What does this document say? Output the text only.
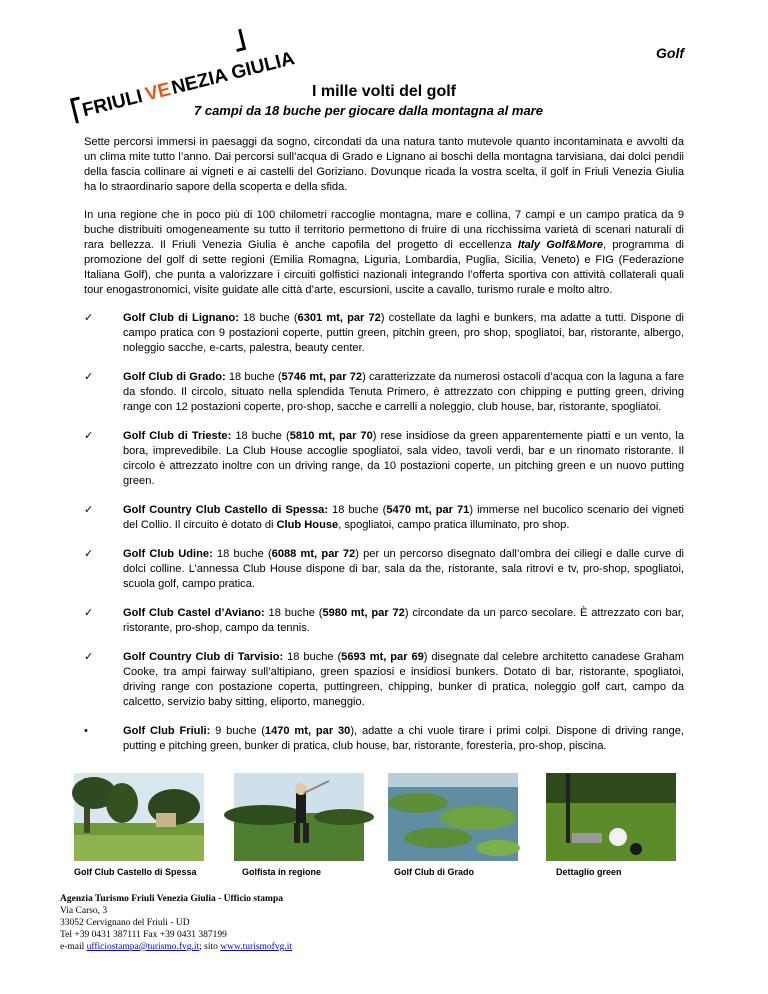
Golf
FRIULI
VE
NEZIA GIULIA I mille volti del golf
7 campi da 18 buche per giocare dalla montagna al mare

Sette percorsi immersi in paesaggi da sogno, circondati da una natura tanto mutevole quanto incontaminata e avvolti da un clima mite tutto l’anno. Dai percorsi sull’acqua di Grado e Lignano ai boschi della montagna tarvisiana, dai dolci pendii della fascia collinare ai vigneti e ai castelli del Goriziano. Dovunque ricada la vostra scelta, il golf in Friuli Venezia Giulia ha lo straordinario sapore della scoperta e della sfida.

In una regione che in poco più di 100 chilometri raccoglie montagna, mare e collina, 7 campi e un campo pratica da 9 buche distribuiti omogeneamente su tutto il territorio permettono di fruire di una ricchissima varietà di scenari naturali di rara bellezza. Il Friuli Venezia Giulia è anche capofila del progetto di eccellenza Italy Golf&More, programma di promozione del golf di sette regioni (Emilia Romagna, Liguria, Lombardia, Puglia, Sicilia, Veneto) e FIG (Federazione Italiana Golf), che punta a valorizzare i circuiti golfistici nazionali integrando l’offerta sportiva con attività collaterali quali tour enogastronomici, visite guidate alle città d’arte, escursioni, uscite a cavallo, turismo rurale e molto altro.

✓	Golf Club di Lignano: 18 buche (6301 mt, par 72) costellate da laghi e bunkers, ma adatte a tutti. Dispone di campo pratica con 9 postazioni coperte, puttin green, pitchin green, pro shop, spogliatoi, bar, ristorante, albergo, noleggio sacche, e-carts, palestra, beauty center.
✓	Golf Club di Grado: 18 buche (5746 mt, par 72) caratterizzate da numerosi ostacoli d’acqua con la laguna a fare da sfondo. Il circolo, situato nella splendida Tenuta Primero, è attrezzato con chipping e putting green, driving range con 12 postazioni coperte, pro-shop, sacche e carrelli a noleggio, club house, bar, ristorante, spogliatoi.
✓	Golf Club di Trieste: 18 buche (5810 mt, par 70) rese insidiose da green apparentemente piatti e un vento, la bora, imprevedibile. La Club House accoglie spogliatoi, sala video, tavoli verdi, bar e un rinomato ristorante. Il circolo è attrezzato inoltre con un driving range, da 10 postazioni coperte, un pitching green e un nuovo putting green.
✓	Golf Country Club Castello di Spessa: 18 buche (5470 mt, par 71) immerse nel bucolico scenario dei vigneti del Collio. Il circuito è dotato di Club House, spogliatoi, campo pratica illuminato, pro shop.
✓	Golf Club Udine: 18 buche (6088 mt, par 72) per un percorso disegnato dall’ombra dei ciliegi e dalle curve di dolci colline. L’annessa Club House dispone di bar, sala da the, ristorante, sala ritrovi e tv, pro-shop, spogliatoi, scuola golf, campo pratica.
✓	Golf Club Castel d’Aviano: 18 buche (5980 mt, par 72) circondate da un parco secolare. È attrezzato con bar, ristorante, pro-shop, campo da tennis.
✓	Golf Country Club di Tarvisio: 18 buche (5693 mt, par 69) disegnate dal celebre architetto canadese Graham Cooke, tra ampi fairway sull’altipiano, green spaziosi e insidiosi bunkers. Dotato di bar, ristorante, spogliatoi, driving range con postazione coperta, puttingreen, chipping, bunker di pratica, noleggio golf cart, campo da calcetto, servizio baby sitting, eliporto, maneggio.
•	Golf Club Friuli: 9 buche (1470 mt, par 30), adatte a chi vuole tirare i primi colpi. Dispone di driving range, putting e pitching green, bunker di pratica, club house, bar, ristorante, foresteria, pro-shop, piscina.
Golf Club Castello di Spessa	Golfista in regione	Golf Club di Grado	Dettaglio green
Agenzia Turismo Friuli Venezia Giulia - Ufficio stampa
Via Carso, 3
33052 Cervignano del Friuli - UD
Tel +39 0431 387111 Fax +39 0431 387199
e-mail ufficiostampa@turismo.fvg.it; sito www.turismofvg.it
